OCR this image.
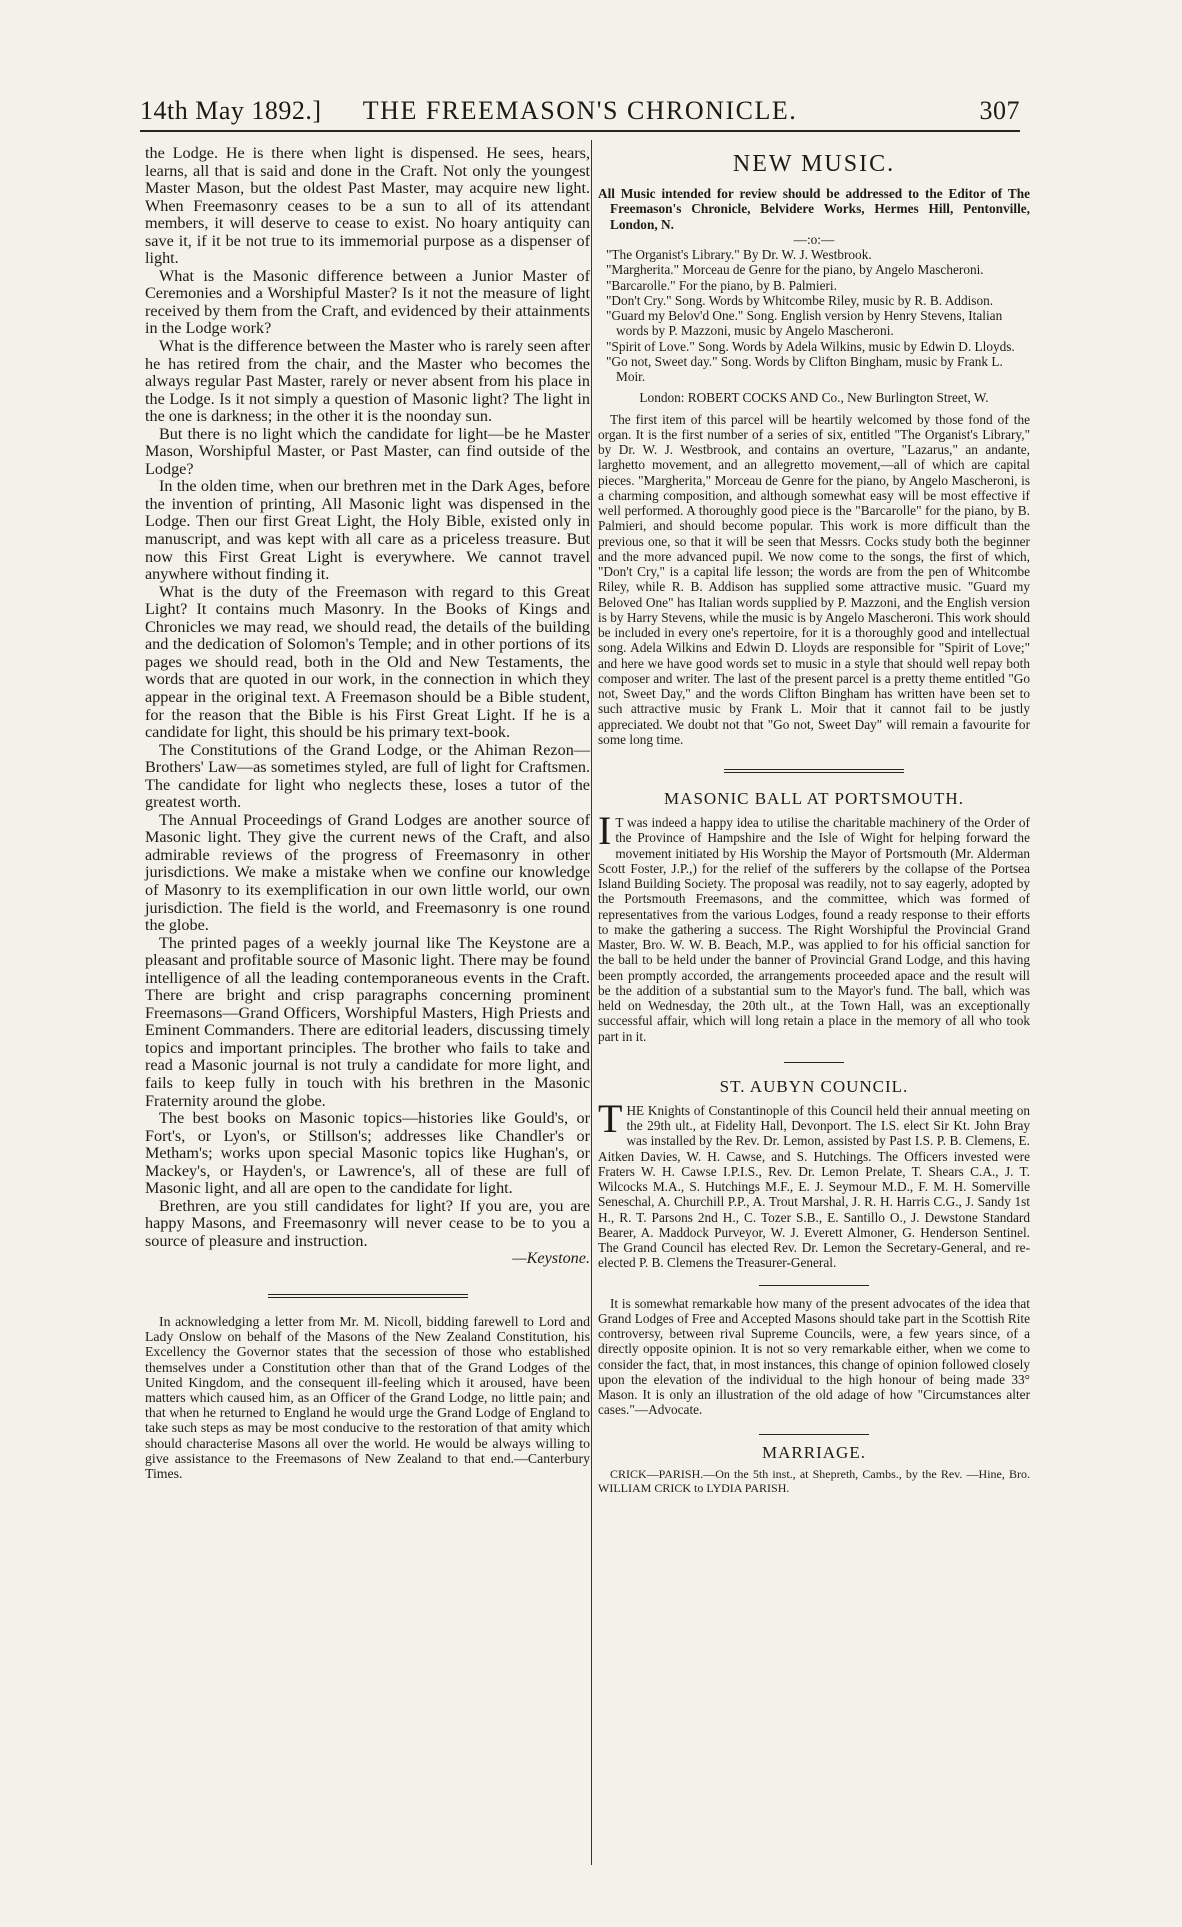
14th May 1892.]	THE FREEMASON'S CHRONICLE.	307

the Lodge. He is there when light is dispensed. He sees, hears, learns, all that is said and done in the Craft. Not only the youngest Master Mason, but the oldest Past Master, may acquire new light. When Freemasonry ceases to be a sun to all of its attendant members, it will deserve to cease to exist. No hoary antiquity can save it, if it be not true to its immemorial purpose as a dispenser of light.

What is the Masonic difference between a Junior Master of Ceremonies and a Worshipful Master? Is it not the measure of light received by them from the Craft, and evidenced by their attainments in the Lodge work?

What is the difference between the Master who is rarely seen after he has retired from the chair, and the Master who becomes the always regular Past Master, rarely or never absent from his place in the Lodge. Is it not simply a question of Masonic light? The light in the one is darkness; in the other it is the noonday sun.

But there is no light which the candidate for light—be he Master Mason, Worshipful Master, or Past Master, can find outside of the Lodge?

In the olden time, when our brethren met in the Dark Ages, before the invention of printing, All Masonic light was dispensed in the Lodge. Then our first Great Light, the Holy Bible, existed only in manuscript, and was kept with all care as a priceless treasure. But now this First Great Light is everywhere. We cannot travel anywhere without finding it.

What is the duty of the Freemason with regard to this Great Light? It contains much Masonry. In the Books of Kings and Chronicles we may read, we should read, the details of the building and the dedication of Solomon's Temple; and in other portions of its pages we should read, both in the Old and New Testaments, the words that are quoted in our work, in the connection in which they appear in the original text. A Freemason should be a Bible student, for the reason that the Bible is his First Great Light. If he is a candidate for light, this should be his primary text-book.

The Constitutions of the Grand Lodge, or the Ahiman Rezon—Brothers' Law—as sometimes styled, are full of light for Craftsmen. The candidate for light who neglects these, loses a tutor of the greatest worth.

The Annual Proceedings of Grand Lodges are another source of Masonic light. They give the current news of the Craft, and also admirable reviews of the progress of Freemasonry in other jurisdictions. We make a mistake when we confine our knowledge of Masonry to its exemplification in our own little world, our own jurisdiction. The field is the world, and Freemasonry is one round the globe.

The printed pages of a weekly journal like The Keystone are a pleasant and profitable source of Masonic light. There may be found intelligence of all the leading contemporaneous events in the Craft. There are bright and crisp paragraphs concerning prominent Freemasons—Grand Officers, Worshipful Masters, High Priests and Eminent Commanders. There are editorial leaders, discussing timely topics and important principles. The brother who fails to take and read a Masonic journal is not truly a candidate for more light, and fails to keep fully in touch with his brethren in the Masonic Fraternity around the globe.

The best books on Masonic topics—histories like Gould's, or Fort's, or Lyon's, or Stillson's; addresses like Chandler's or Metham's; works upon special Masonic topics like Hughan's, or Mackey's, or Hayden's, or Lawrence's, all of these are full of Masonic light, and all are open to the candidate for light.

Brethren, are you still candidates for light? If you are, you are happy Masons, and Freemasonry will never cease to be to you a source of pleasure and instruction.

—Keystone.

In acknowledging a letter from Mr. M. Nicoll, bidding farewell to Lord and Lady Onslow on behalf of the Masons of the New Zealand Constitution, his Excellency the Governor states that the secession of those who established themselves under a Constitution other than that of the Grand Lodges of the United Kingdom, and the consequent ill-feeling which it aroused, have been matters which caused him, as an Officer of the Grand Lodge, no little pain; and that when he returned to England he would urge the Grand Lodge of England to take such steps as may be most conducive to the restoration of that amity which should characterise Masons all over the world. He would be always willing to give assistance to the Freemasons of New Zealand to that end.—Canterbury Times.

NEW MUSIC.

All Music intended for review should be addressed to the Editor of The Freemason's Chronicle, Belvidere Works, Hermes Hill, Pentonville, London, N.

—:o:—

"The Organist's Library." By Dr. W. J. Westbrook.

"Margherita." Morceau de Genre for the piano, by Angelo Mascheroni.

"Barcarolle." For the piano, by B. Palmieri.

"Don't Cry." Song. Words by Whitcombe Riley, music by R. B. Addison.

"Guard my Belov'd One." Song. English version by Henry Stevens, Italian words by P. Mazzoni, music by Angelo Mascheroni.

"Spirit of Love." Song. Words by Adela Wilkins, music by Edwin D. Lloyds.

"Go not, Sweet day." Song. Words by Clifton Bingham, music by Frank L. Moir.

London: ROBERT COCKS AND Co., New Burlington Street, W.

The first item of this parcel will be heartily welcomed by those fond of the organ. It is the first number of a series of six, entitled "The Organist's Library," by Dr. W. J. Westbrook, and contains an overture, "Lazarus," an andante, larghetto movement, and an allegretto movement,—all of which are capital pieces. "Margherita," Morceau de Genre for the piano, by Angelo Mascheroni, is a charming composition, and although somewhat easy will be most effective if well performed. A thoroughly good piece is the "Barcarolle" for the piano, by B. Palmieri, and should become popular. This work is more difficult than the previous one, so that it will be seen that Messrs. Cocks study both the beginner and the more advanced pupil. We now come to the songs, the first of which, "Don't Cry," is a capital life lesson; the words are from the pen of Whitcombe Riley, while R. B. Addison has supplied some attractive music. "Guard my Beloved One" has Italian words supplied by P. Mazzoni, and the English version is by Harry Stevens, while the music is by Angelo Mascheroni. This work should be included in every one's repertoire, for it is a thoroughly good and intellectual song. Adela Wilkins and Edwin D. Lloyds are responsible for "Spirit of Love;" and here we have good words set to music in a style that should well repay both composer and writer. The last of the present parcel is a pretty theme entitled "Go not, Sweet Day," and the words Clifton Bingham has written have been set to such attractive music by Frank L. Moir that it cannot fail to be justly appreciated. We doubt not that "Go not, Sweet Day" will remain a favourite for some long time.

MASONIC BALL AT PORTSMOUTH.

I T was indeed a happy idea to utilise the charitable machinery of the Order of the Province of Hampshire and the Isle of Wight for helping forward the movement initiated by His Worship the Mayor of Portsmouth (Mr. Alderman Scott Foster, J.P.,) for the relief of the sufferers by the collapse of the Portsea Island Building Society. The proposal was readily, not to say eagerly, adopted by the Portsmouth Freemasons, and the committee, which was formed of representatives from the various Lodges, found a ready response to their efforts to make the gathering a success. The Right Worshipful the Provincial Grand Master, Bro. W. W. B. Beach, M.P., was applied to for his official sanction for the ball to be held under the banner of Provincial Grand Lodge, and this having been promptly accorded, the arrangements proceeded apace and the result will be the addition of a substantial sum to the Mayor's fund. The ball, which was held on Wednesday, the 20th ult., at the Town Hall, was an exceptionally successful affair, which will long retain a place in the memory of all who took part in it.

ST. AUBYN COUNCIL.

THE Knights of Constantinople of this Council held their annual meeting on the 29th ult., at Fidelity Hall, Devonport. The I.S. elect Sir Kt. John Bray was installed by the Rev. Dr. Lemon, assisted by Past I.S. P. B. Clemens, E. Aitken Davies, W. H. Cawse, and S. Hutchings. The Officers invested were Fraters W. H. Cawse I.P.I.S., Rev. Dr. Lemon Prelate, T. Shears C.A., J. T. Wilcocks M.A., S. Hutchings M.F., E. J. Seymour M.D., F. M. H. Somerville Seneschal, A. Churchill P.P., A. Trout Marshal, J. R. H. Harris C.G., J. Sandy 1st H., R. T. Parsons 2nd H., C. Tozer S.B., E. Santillo O., J. Dewstone Standard Bearer, A. Maddock Purveyor, W. J. Everett Almoner, G. Henderson Sentinel. The Grand Council has elected Rev. Dr. Lemon the Secretary-General, and re-elected P. B. Clemens the Treasurer-General.

It is somewhat remarkable how many of the present advocates of the idea that Grand Lodges of Free and Accepted Masons should take part in the Scottish Rite controversy, between rival Supreme Councils, were, a few years since, of a directly opposite opinion. It is not so very remarkable either, when we come to consider the fact, that, in most instances, this change of opinion followed closely upon the elevation of the individual to the high honour of being made 33° Mason. It is only an illustration of the old adage of how "Circumstances alter cases."—Advocate.

MARRIAGE.

CRICK—PARISH.—On the 5th inst., at Shepreth, Cambs., by the Rev. —Hine, Bro. WILLIAM CRICK to LYDIA PARISH.
